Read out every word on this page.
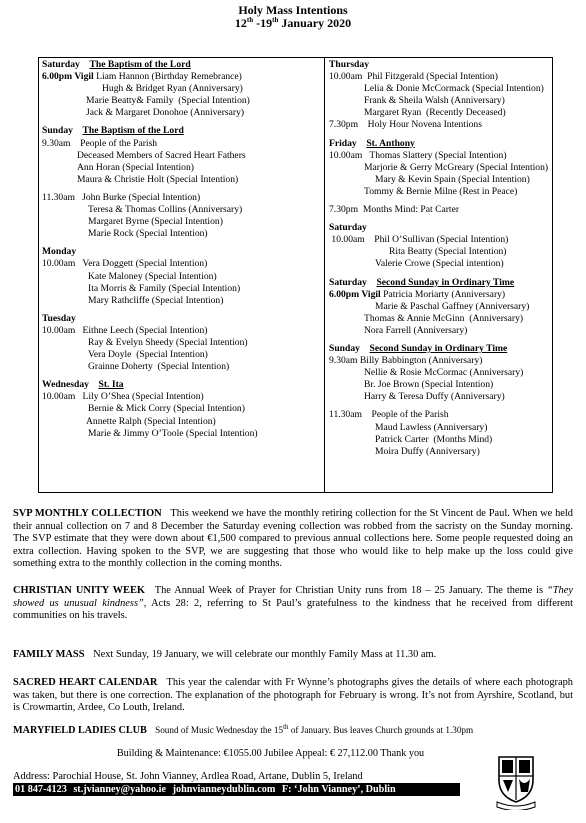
Holy Mass Intentions
12th -19th January 2020
Saturday The Baptism of the Lord
6.00pm Vigil Liam Hannon (Birthday Remebrance)
Hugh & Bridget Ryan (Anniversary)
Marie Beatty& Family  (Special Intention)
Jack & Margaret Donohoe (Anniversary)
Sunday The Baptism of the Lord
9.30am    People of the Parish
Deceased Members of Sacred Heart Fathers
Ann Horan (Special Intention)
Maura & Christie Holt (Special Intention)
11.30am   John Burke (Special Intention)
Teresa & Thomas Collins (Anniversary)
Margaret Byrne (Special Intention)
Marie Rock (Special Intention)
Monday
10.00am   Vera Doggett (Special Intention)
Kate Maloney (Special Intention)
Ita Morris & Family (Special Intention)
Mary Rathcliffe (Special Intention)
Tuesday
10.00am   Eithne Leech (Special Intention)
Ray & Evelyn Sheedy (Special Intention)
Vera Doyle  (Special Intention)
Grainne Doherty  (Special Intention)
Wednesday St. Ita
10.00am   Lily O’Shea (Special Intention)
Bernie & Mick Corry (Special Intention)
Annette Ralph (Special Intention)
Marie & Jimmy O’Toole (Special Intention)
Thursday
10.00am  Phil Fitzgerald (Special Intention)
Lelia & Donie McCormack (Special Intention)
Frank & Sheila Walsh (Anniversary)
Margaret Ryan  (Recently Deceased)
7.30pm    Holy Hour Novena Intentions
Friday St. Anthony
10.00am   Thomas Slattery (Special Intention)
Marjorie & Gerry McGreary (Special Intention)
Mary & Kevin Spain (Special Intention)
Tommy & Bernie Milne (Rest in Peace)
7.30pm  Months Mind: Pat Carter
Saturday
10.00am    Phil O’Sullivan (Special Intention)
Rita Beatty (Special Intention)
Valerie Crowe (Special intention)
Saturday Second Sunday in Ordinary Time
6.00pm Vigil Patricia Moriarty (Anniversary)
Marie & Paschal Gaffney (Anniversary)
Thomas & Annie McGinn  (Anniversary)
Nora Farrell (Anniversary)
Sunday Second Sunday in Ordinary Time
9.30am Billy Babbington (Anniversary)
Nellie & Rosie McCormac (Anniversary)
Br. Joe Brown (Special Intention)
Harry & Teresa Duffy (Anniversary)
11.30am    People of the Parish
Maud Lawless (Anniversary)
Patrick Carter  (Months Mind)
Moira Duffy (Anniversary)
SVP MONTHLY COLLECTION This weekend we have the monthly retiring collection for the St Vincent de Paul. When we held their annual collection on 7 and 8 December the Saturday evening collection was robbed from the sacristy on the Sunday morning. The SVP estimate that they were down about €1,500 compared to previous annual collections here. Some people requested doing an extra collection. Having spoken to the SVP, we are suggesting that those who would like to help make up the loss could give something extra to the monthly collection in the coming months.
CHRISTIAN UNITY WEEK The Annual Week of Prayer for Christian Unity runs from 18 – 25 January. The theme is “They showed us unusual kindness”, Acts 28: 2, referring to St Paul’s gratefulness to the kindness that he received from different communities on his travels.
FAMILY MASS Next Sunday, 19 January, we will celebrate our monthly Family Mass at 11.30 am.
SACRED HEART CALENDAR This year the calendar with Fr Wynne’s photographs gives the details of where each photograph was taken, but there is one correction. The explanation of the photograph for February is wrong. It’s not from Ayrshire, Scotland, but is Crowmartin, Ardee, Co Louth, Ireland.
MARYFIELD LADIES CLUB Sound of Music Wednesday the 15th of January. Bus leaves Church grounds at 1.30pm
Building & Maintenance: €1055.00 Jubilee Appeal: € 27,112.00 Thank you
Address: Parochial House, St. John Vianney, Ardlea Road, Artane, Dublin 5, Ireland
01 847-4123 st.jvianney@yahoo.ie johnvianneydublin.com F: ‘John Vianney’, Dublin
